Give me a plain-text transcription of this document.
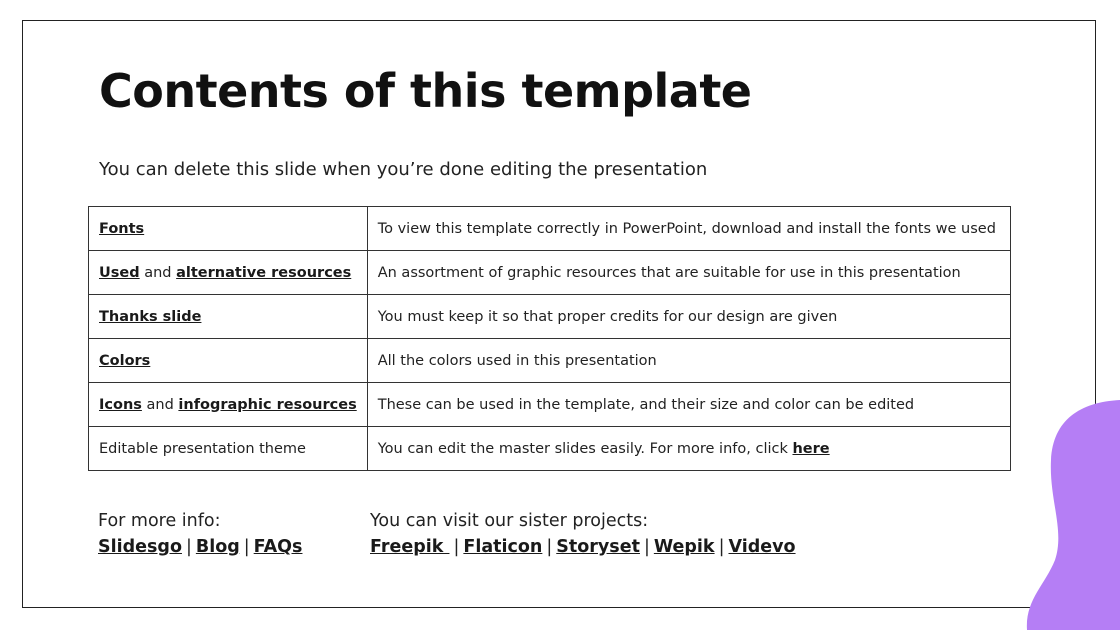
Contents of this template
You can delete this slide when you’re done editing the presentation
Fonts	To view this template correctly in PowerPoint, download and install the fonts we used
Used and alternative resources	An assortment of graphic resources that are suitable for use in this presentation
Thanks slide	You must keep it so that proper credits for our design are given
Colors	All the colors used in this presentation
Icons and infographic resources	These can be used in the template, and their size and color can be edited
Editable presentation theme	You can edit the master slides easily. For more info, click here
For more info:
Slidesgo | Blog | FAQs
You can visit our sister projects:
Freepik | Flaticon | Storyset | Wepik | Videvo
